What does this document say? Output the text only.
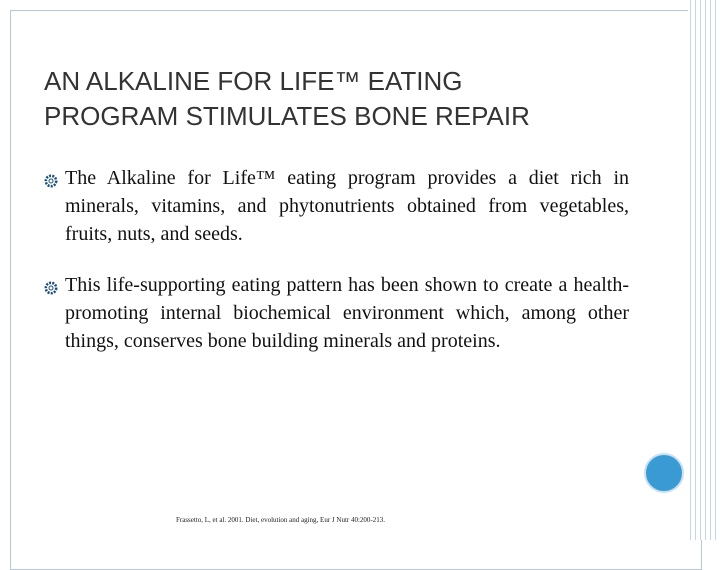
AN ALKALINE FOR LIFE™ EATING
PROGRAM STIMULATES BONE REPAIR
The Alkaline for Life™ eating program provides a diet rich in minerals, vitamins, and phytonutrients obtained from vegetables, fruits, nuts, and seeds.
This life‐supporting eating pattern has been shown to create a health‐promoting internal biochemical environment which, among other things, conserves bone building minerals and proteins.
Frassetto, L, et al. 2001. Diet, evolution and aging, Eur J Nutr 40:200-213.
